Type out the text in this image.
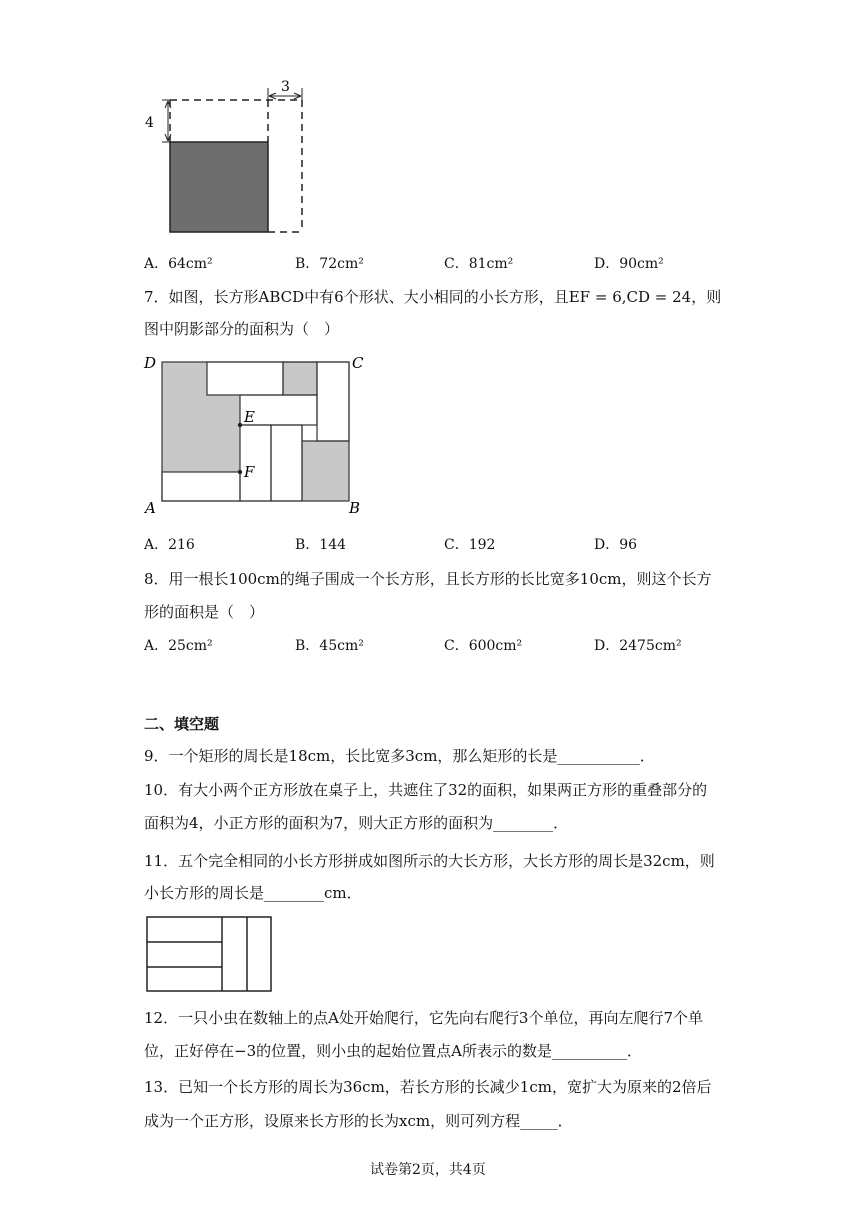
4
3
A．64cm²	B．72cm²	C．81cm²	D．90cm²
7．如图，长方形ABCD中有6个形状、大小相同的小长方形，且EF = 6,CD = 24，则
图中阴影部分的面积为（　）
D	C
E
F
A	B
A．216	B．144	C．192	D．96
8．用一根长100cm的绳子围成一个长方形，且长方形的长比宽多10cm，则这个长方
形的面积是（　）
A．25cm²	B．45cm²	C．600cm²	D．2475cm²
二、填空题
9．一个矩形的周长是18cm，长比宽多3cm，那么矩形的长是___________．
10．有大小两个正方形放在桌子上，共遮住了32的面积，如果两正方形的重叠部分的
面积为4，小正方形的面积为7，则大正方形的面积为________．
11．五个完全相同的小长方形拼成如图所示的大长方形，大长方形的周长是32cm，则
小长方形的周长是________cm．
12．一只小虫在数轴上的点A处开始爬行，它先向右爬行3个单位，再向左爬行7个单
位，正好停在−3的位置，则小虫的起始位置点A所表示的数是__________．
13．已知一个长方形的周长为36cm，若长方形的长减少1cm，宽扩大为原来的2倍后
成为一个正方形，设原来长方形的长为xcm，则可列方程_____．
试卷第2页，共4页
